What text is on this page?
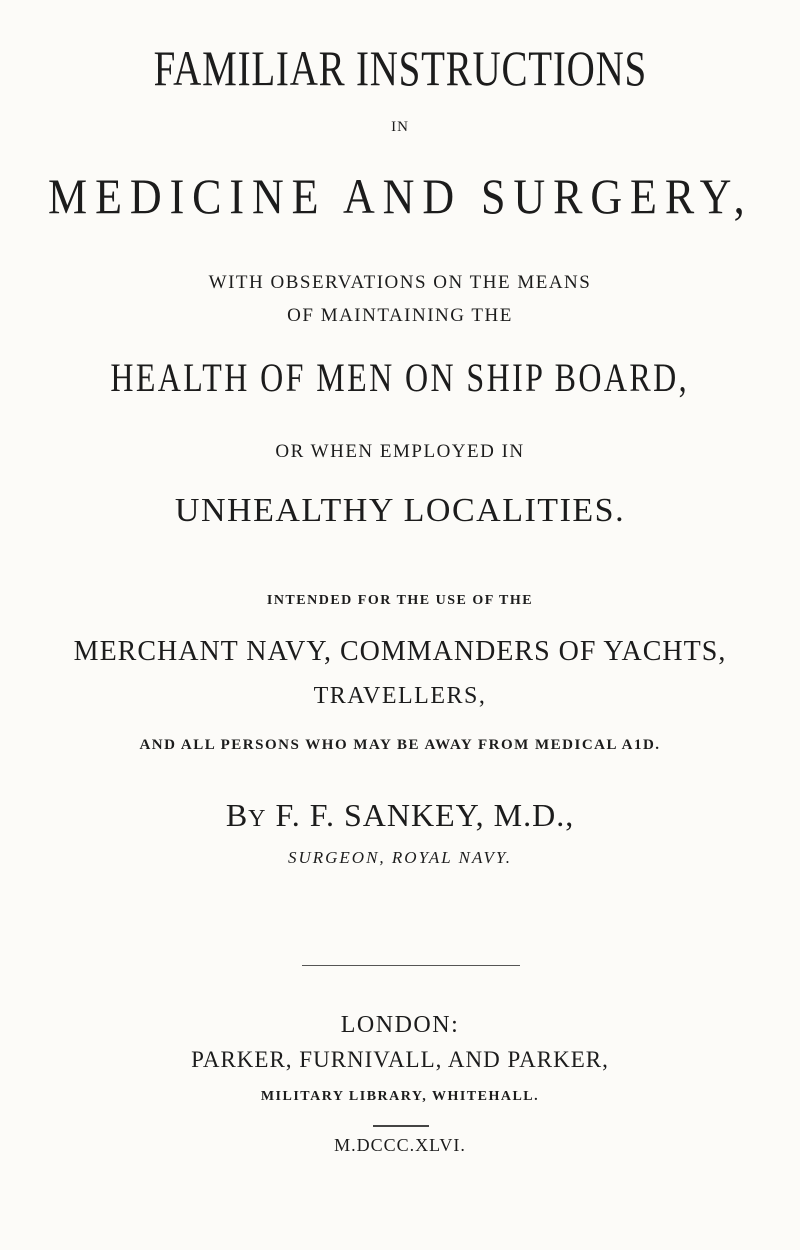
FAMILIAR INSTRUCTIONS
IN
MEDICINE AND SURGERY,
WITH OBSERVATIONS ON THE MEANS
OF MAINTAINING THE
HEALTH OF MEN ON SHIP BOARD,
OR WHEN EMPLOYED IN
UNHEALTHY LOCALITIES.
INTENDED FOR THE USE OF THE
MERCHANT NAVY, COMMANDERS OF YACHTS,
TRAVELLERS,
AND ALL PERSONS WHO MAY BE AWAY FROM MEDICAL A1D.
BY F. F. SANKEY, M.D.,
SURGEON, ROYAL NAVY.
LONDON:
PARKER, FURNIVALL, AND PARKER,
MILITARY LIBRARY, WHITEHALL.
M.DCCC.XLVI.
